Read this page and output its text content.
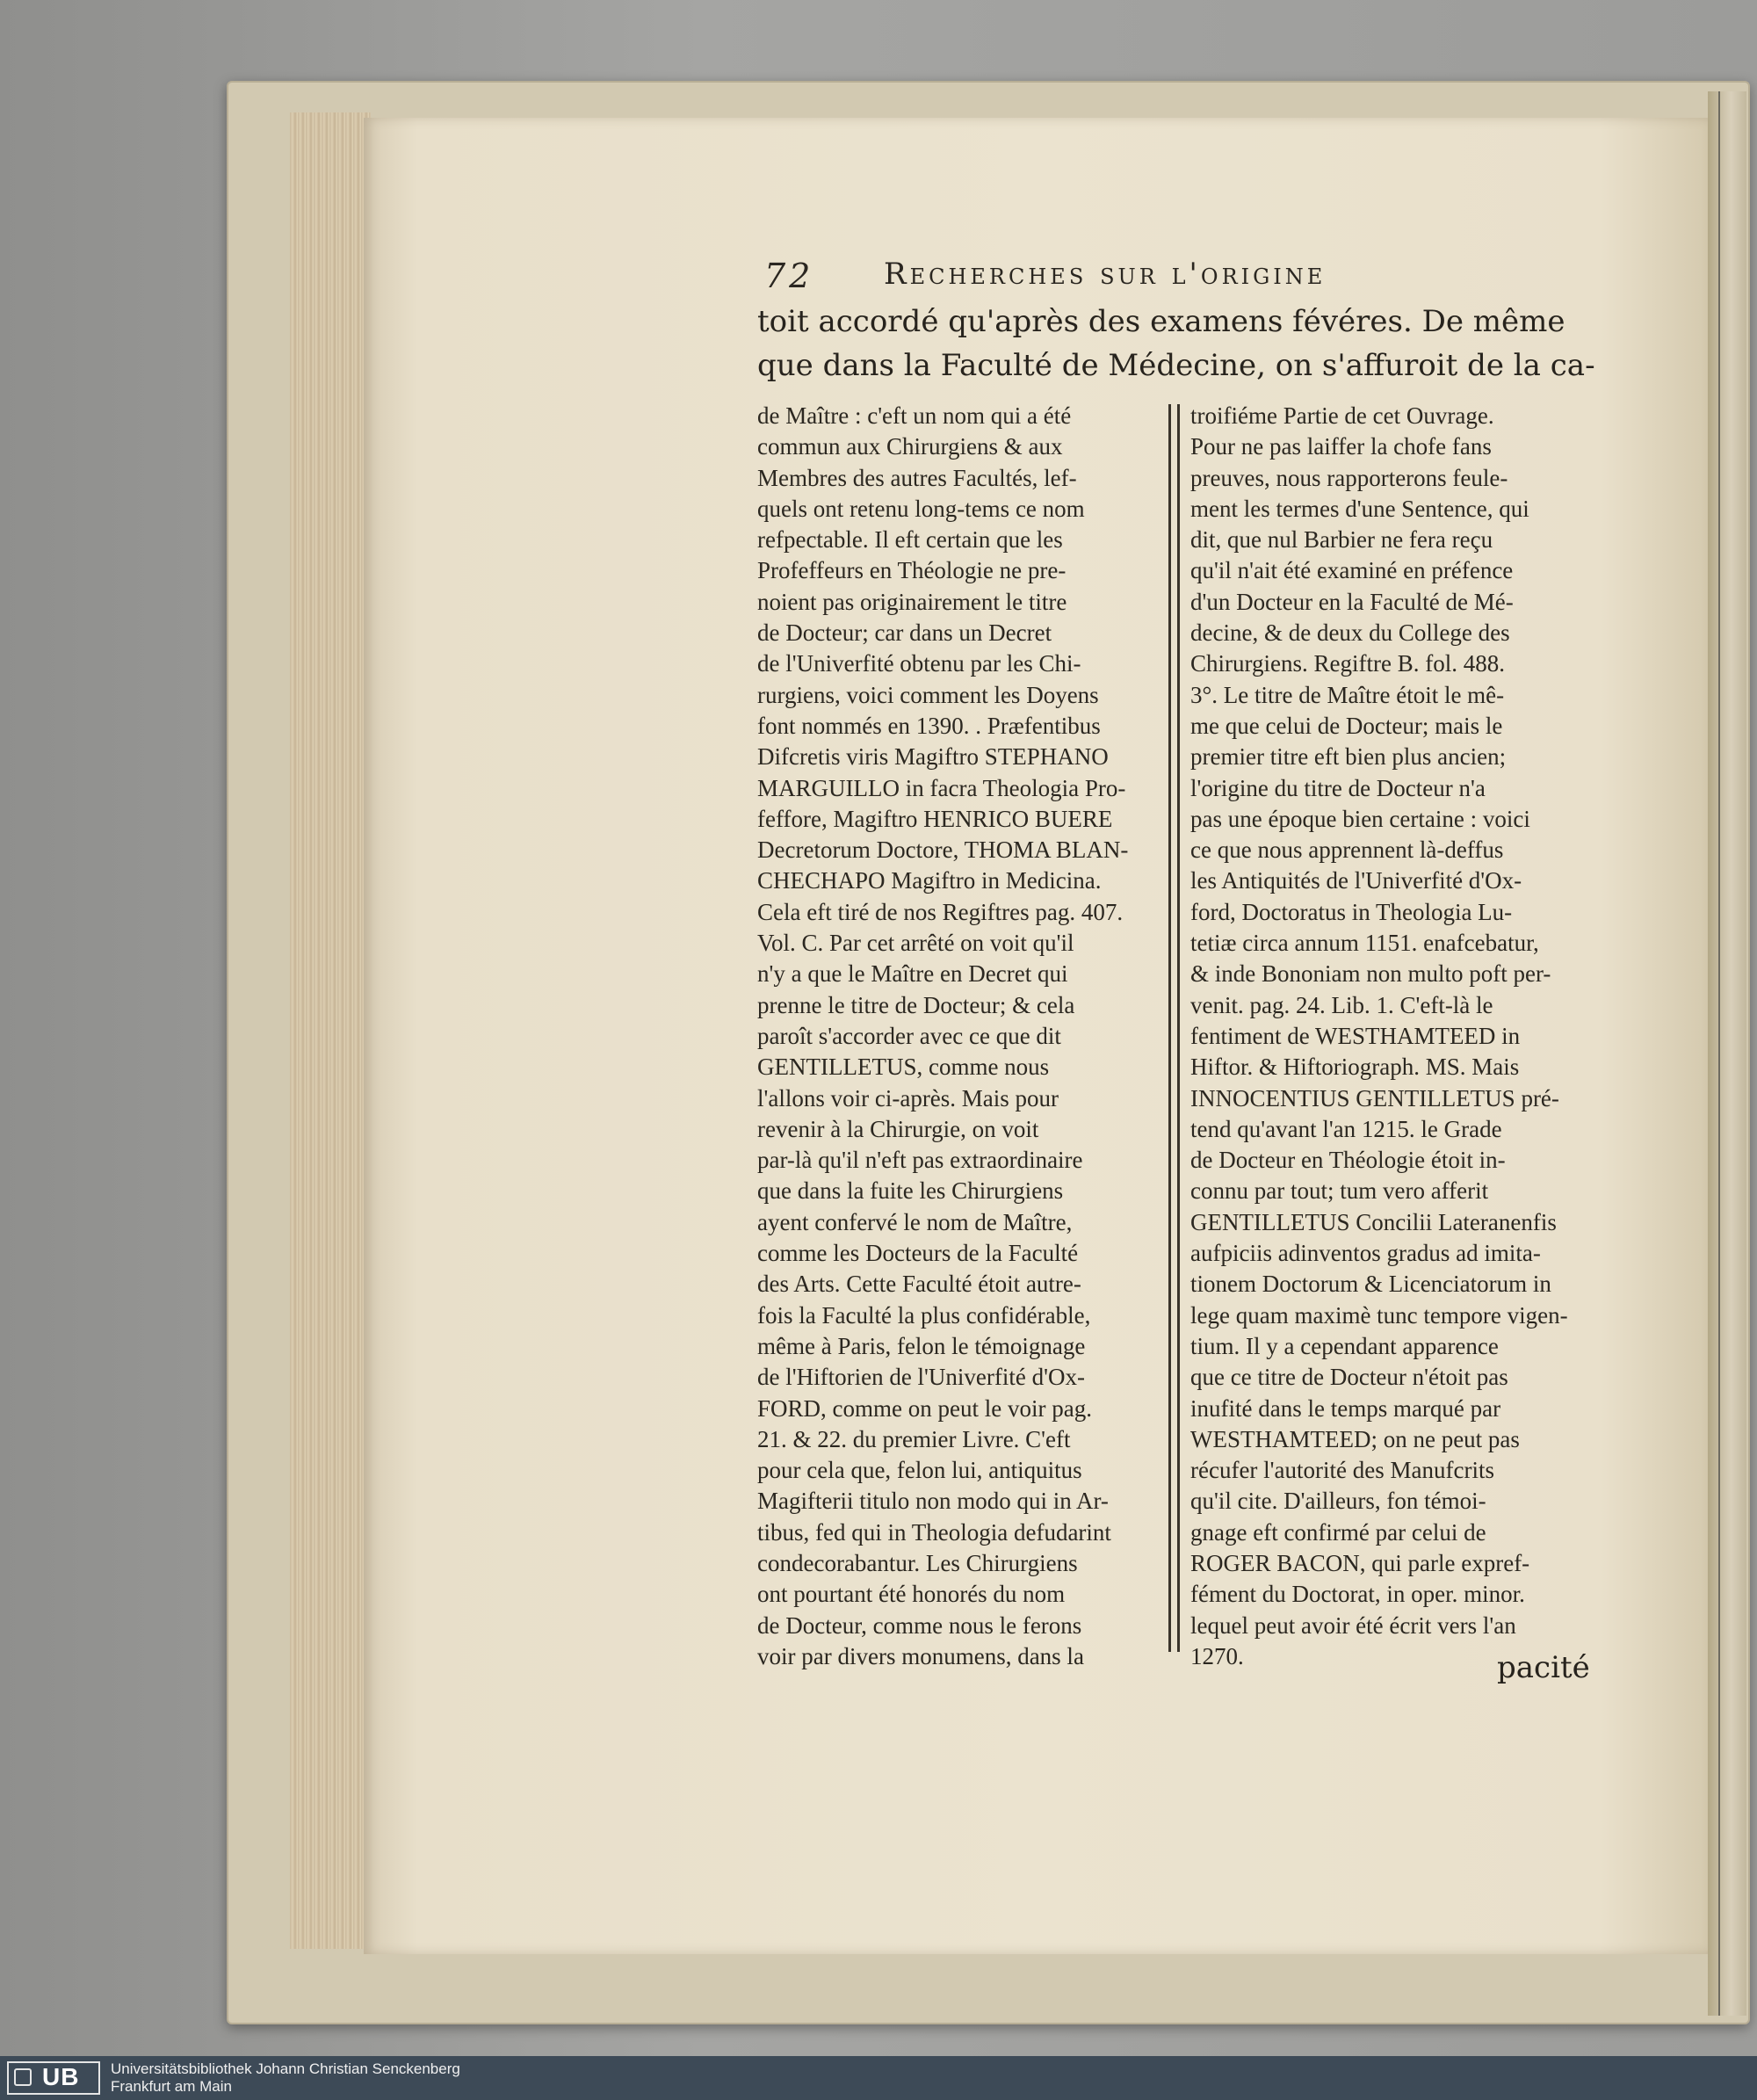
72 Recherches sur l'origine
toit accordé qu'après des examens févéres. De même
que dans la Faculté de Médecine, on s'affuroit de la ca-
de Maître : c'eft un nom qui a été
commun aux Chirurgiens & aux
Membres des autres Facultés, lef-
quels ont retenu long-tems ce nom
refpectable. Il eft certain que les
Profeffeurs en Théologie ne pre-
noient pas originairement le titre
de Docteur; car dans un Decret
de l'Univerfité obtenu par les Chi-
rurgiens, voici comment les Doyens
font nommés en 1390. . Præfentibus
Difcretis viris Magiftro STEPHANO
MARGUILLO in facra Theologia Pro-
feffore, Magiftro HENRICO BUERE
Decretorum Doctore, THOMA BLAN-
CHECHAPO Magiftro in Medicina.
Cela eft tiré de nos Regiftres pag. 407.
Vol. C. Par cet arrêté on voit qu'il
n'y a que le Maître en Decret qui
prenne le titre de Docteur; & cela
paroît s'accorder avec ce que dit
GENTILLETUS, comme nous
l'allons voir ci-après. Mais pour
revenir à la Chirurgie, on voit
par-là qu'il n'eft pas extraordinaire
que dans la fuite les Chirurgiens
ayent confervé le nom de Maître,
comme les Docteurs de la Faculté
des Arts. Cette Faculté étoit autre-
fois la Faculté la plus confidérable,
même à Paris, felon le témoignage
de l'Hiftorien de l'Univerfité d'Ox-
FORD, comme on peut le voir pag.
21. & 22. du premier Livre. C'eft
pour cela que, felon lui, antiquitus
Magifterii titulo non modo qui in Ar-
tibus, fed qui in Theologia defudarint
condecorabantur. Les Chirurgiens
ont pourtant été honorés du nom
de Docteur, comme nous le ferons
voir par divers monumens, dans la
troifiéme Partie de cet Ouvrage.
Pour ne pas laiffer la chofe fans
preuves, nous rapporterons feule-
ment les termes d'une Sentence, qui
dit, que nul Barbier ne fera reçu
qu'il n'ait été examiné en préfence
d'un Docteur en la Faculté de Mé-
decine, & de deux du College des
Chirurgiens. Regiftre B. fol. 488.
3°. Le titre de Maître étoit le mê-
me que celui de Docteur; mais le
premier titre eft bien plus ancien;
l'origine du titre de Docteur n'a
pas une époque bien certaine : voici
ce que nous apprennent là-deffus
les Antiquités de l'Univerfité d'Ox-
ford, Doctoratus in Theologia Lu-
tetiæ circa annum 1151. enafcebatur,
& inde Bononiam non multo poft per-
venit. pag. 24. Lib. 1. C'eft-là le
fentiment de WESTHAMTEED in
Hiftor. & Hiftoriograph. MS. Mais
INNOCENTIUS GENTILLETUS pré-
tend qu'avant l'an 1215. le Grade
de Docteur en Théologie étoit in-
connu par tout; tum vero afferit
GENTILLETUS Concilii Lateranenfis
aufpiciis adinventos gradus ad imita-
tionem Doctorum & Licenciatorum in
lege quam maximè tunc tempore vigen-
tium. Il y a cependant apparence
que ce titre de Docteur n'étoit pas
inufité dans le temps marqué par
WESTHAMTEED; on ne peut pas
récufer l'autorité des Manufcrits
qu'il cite. D'ailleurs, fon témoi-
gnage eft confirmé par celui de
ROGER BACON, qui parle expref-
fément du Doctorat, in oper. minor.
lequel peut avoir été écrit vers l'an
1270.	pacité
UB Universitätsbibliothek Johann Christian Senckenberg
Frankfurt am Main
